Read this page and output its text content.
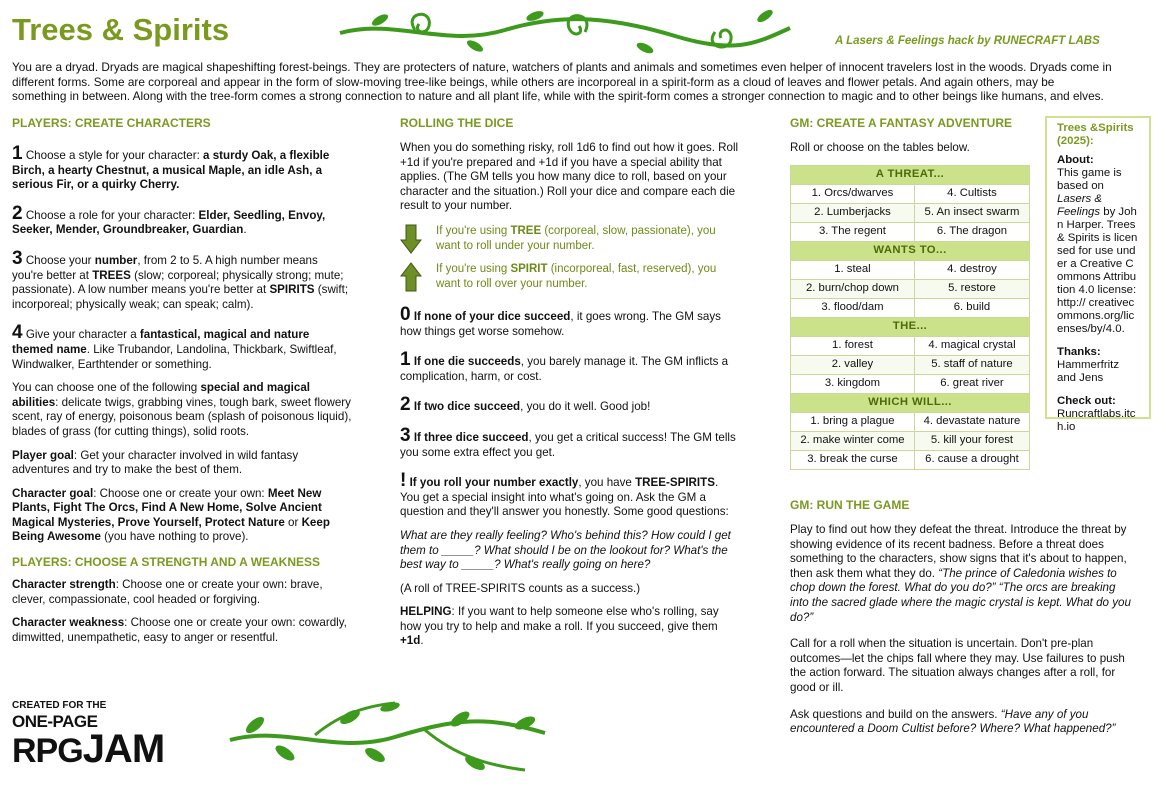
Trees & Spirits	A Lasers & Feelings hack by RUNECRAFT LABS
You are a dryad. Dryads are magical shapeshifting forest-beings. They are protecters of nature, watchers of plants and animals and sometimes even helper of innocent travelers lost in the woods. Dryads come in different forms. Some are corporeal and appear in the form of slow-moving tree-like beings, while others are incorporeal in a spirit-form as a cloud of leaves and flower petals. And again others, may be something in between. Along with the tree-form comes a strong connection to nature and all plant life, while with the spirit-form comes a stronger connection to magic and to other beings like humans, and elves.
PLAYERS: CREATE CHARACTERS

1 Choose a style for your character: a sturdy Oak, a flexible Birch, a hearty Chestnut, a musical Maple, an idle Ash, a serious Fir, or a quirky Cherry.

2 Choose a role for your character: Elder, Seedling, Envoy, Seeker, Mender, Groundbreaker, Guardian.

3 Choose your number, from 2 to 5. A high number means you're better at TREES (slow; corporeal; physically strong; mute; passionate). A low number means you're better at SPIRITS (swift; incorporeal; physically weak; can speak; calm).

4 Give your character a fantastical, magical and nature themed name. Like Trubandor, Landolina, Thickbark, Swiftleaf, Windwalker, Earthtender or something.

You can choose one of the following special and magical abilities: delicate twigs, grabbing vines, tough bark, sweet flowery scent, ray of energy, poisonous beam (splash of poisonous liquid), blades of grass (for cutting things), solid roots.

Player goal: Get your character involved in wild fantasy adventures and try to make the best of them.

Character goal: Choose one or create your own: Meet New Plants, Fight The Orcs, Find A New Home, Solve Ancient Magical Mysteries, Prove Yourself, Protect Nature or Keep Being Awesome (you have nothing to prove).

PLAYERS: CHOOSE A STRENGTH AND A WEAKNESS

Character strength: Choose one or create your own: brave, clever, compassionate, cool headed or forgiving.

Character weakness: Choose one or create your own: cowardly, dimwitted, unempathetic, easy to anger or resentful.

CREATED FOR THE
ONE-PAGE
RPGJAM
ROLLING THE DICE

When you do something risky, roll 1d6 to find out how it goes. Roll +1d if you're prepared and +1d if you have a special ability that applies. (The GM tells you how many dice to roll, based on your character and the situation.) Roll your dice and compare each die result to your number.

If you're using TREE (corporeal, slow, passionate), you want to roll under your number.
If you're using SPIRIT (incorporeal, fast, reserved), you want to roll over your number.

0 If none of your dice succeed, it goes wrong. The GM says how things get worse somehow.

1 If one die succeeds, you barely manage it. The GM inflicts a complication, harm, or cost.

2 If two dice succeed, you do it well. Good job!

3 If three dice succeed, you get a critical success! The GM tells you some extra effect you get.

! If you roll your number exactly, you have TREE-SPIRITS. You get a special insight into what's going on. Ask the GM a question and they'll answer you honestly. Some good questions:

What are they really feeling? Who's behind this? How could I get them to _____? What should I be on the lookout for? What's the best way to _____? What's really going on here?

(A roll of TREE-SPIRITS counts as a success.)

HELPING: If you want to help someone else who's rolling, say how you try to help and make a roll. If you succeed, give them +1d.

GM: CREATE A FANTASY ADVENTURE

Roll or choose on the tables below.

A THREAT...	
1. Orcs/dwarves	4. Cultists
2. Lumberjacks	5. An insect swarm
3. The regent	6. The dragon
WANTS TO...	
1. steal	4. destroy
2. burn/chop down	5. restore
3. flood/dam	6. build
THE...	
1. forest	4. magical crystal
2. valley	5. staff of nature
3. kingdom	6. great river
WHICH WILL...	
1. bring a plague	4. devastate nature
2. make winter come	5. kill your forest
3. break the curse	6. cause a drought
GM: RUN THE GAME

Play to find out how they defeat the threat. Introduce the threat by showing evidence of its recent badness. Before a threat does something to the characters, show signs that it's about to happen, then ask them what they do. “The prince of Caledonia wishes to chop down the forest. What do you do?” “The orcs are breaking into the sacred glade where the magic crystal is kept. What do you do?”

Call for a roll when the situation is uncertain. Don't pre-plan outcomes—let the chips fall where they may. Use failures to push the action forward. The situation always changes after a roll, for good or ill.

Ask questions and build on the answers. “Have any of you encountered a Doom Cultist before? Where? What happened?”

Trees &Spirits (2025):
About:
This game is based on Lasers & Feelings by John Harper. Trees & Spirits is licensed for use under a Creative Commons Attribution 4.0 license: http:// creativecommons.org/licenses/by/4.0.
Thanks:
Hammerfritz and Jens
Check out:
Runcraftlabs.itch.io
